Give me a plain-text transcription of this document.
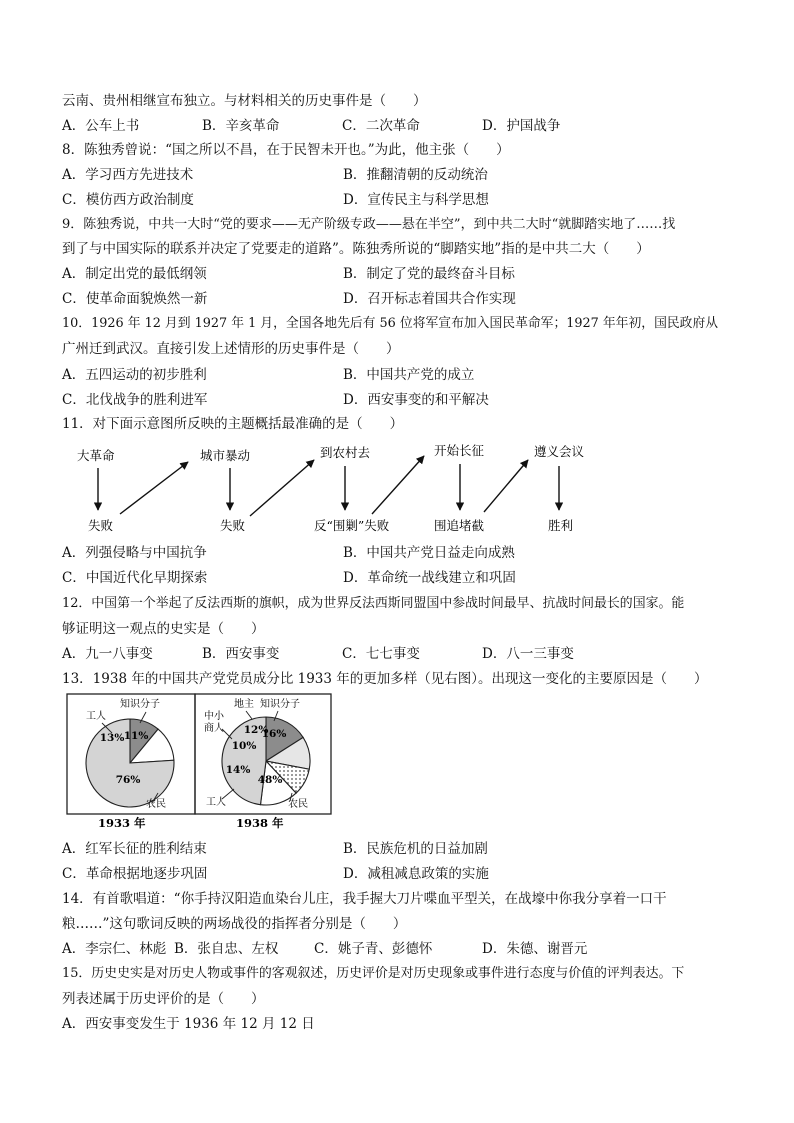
云南、贵州相继宣布独立。与材料相关的历史事件是（　　）
A．公车上书	B．辛亥革命	C．二次革命	D．护国战争
8．陈独秀曾说：“国之所以不昌，在于民智未开也。”为此，他主张（　　）
A．学习西方先进技术	B．推翻清朝的反动统治
C．模仿西方政治制度	D．宣传民主与科学思想
9．陈独秀说，中共一大时“党的要求——无产阶级专政——悬在半空”，到中共二大时“就脚踏实地了……找
到了与中国实际的联系并决定了党要走的道路”。陈独秀所说的“脚踏实地”指的是中共二大（　　）
A．制定出党的最低纲领	B．制定了党的最终奋斗目标
C．使革命面貌焕然一新	D．召开标志着国共合作实现
10．1926 年 12 月到 1927 年 1 月，全国各地先后有 56 位将军宣布加入国民革命军；1927 年年初，国民政府从
广州迁到武汉。直接引发上述情形的历史事件是（　　）
A．五四运动的初步胜利	B．中国共产党的成立
C．北伐战争的胜利进军	D．西安事变的和平解决
11．对下面示意图所反映的主题概括最准确的是（　　）
大革命	城市暴动	到农村去	开始长征	遵义会议
失败	失败	反“围剿”失败	围追堵截	胜利
A．列强侵略与中国抗争	B．中国共产党日益走向成熟
C．中国近代化早期探索	D．革命统一战线建立和巩固
12．中国第一个举起了反法西斯的旗帜，成为世界反法西斯同盟国中参战时间最早、抗战时间最长的国家。能
够证明这一观点的史实是（　　）
A．九一八事变	B．西安事变	C．七七事变	D．八一三事变
13．1938 年的中国共产党党员成分比 1933 年的更加多样（见右图）。出现这一变化的主要原因是（　　）
11%
13%
76%
知识分子
工人
农民
1933 年
16%
12%
10%
14%
48%
知识分子
地主
中小
商人
工人	农民
1938 年
A．红军长征的胜利结束	B．民族危机的日益加剧
C．革命根据地逐步巩固	D．减租减息政策的实施
14．有首歌唱道：“你手持汉阳造血染台儿庄，我手握大刀片喋血平型关，在战壕中你我分享着一口干
粮……”这句歌词反映的两场战役的指挥者分别是（　　）
A．李宗仁、林彪 B．张自忠、左权	C．姚子青、彭德怀	D．朱德、谢晋元
15．历史史实是对历史人物或事件的客观叙述，历史评价是对历史现象或事件进行态度与价值的评判表达。下
列表述属于历史评价的是（　　）
A．西安事变发生于 1936 年 12 月 12 日
